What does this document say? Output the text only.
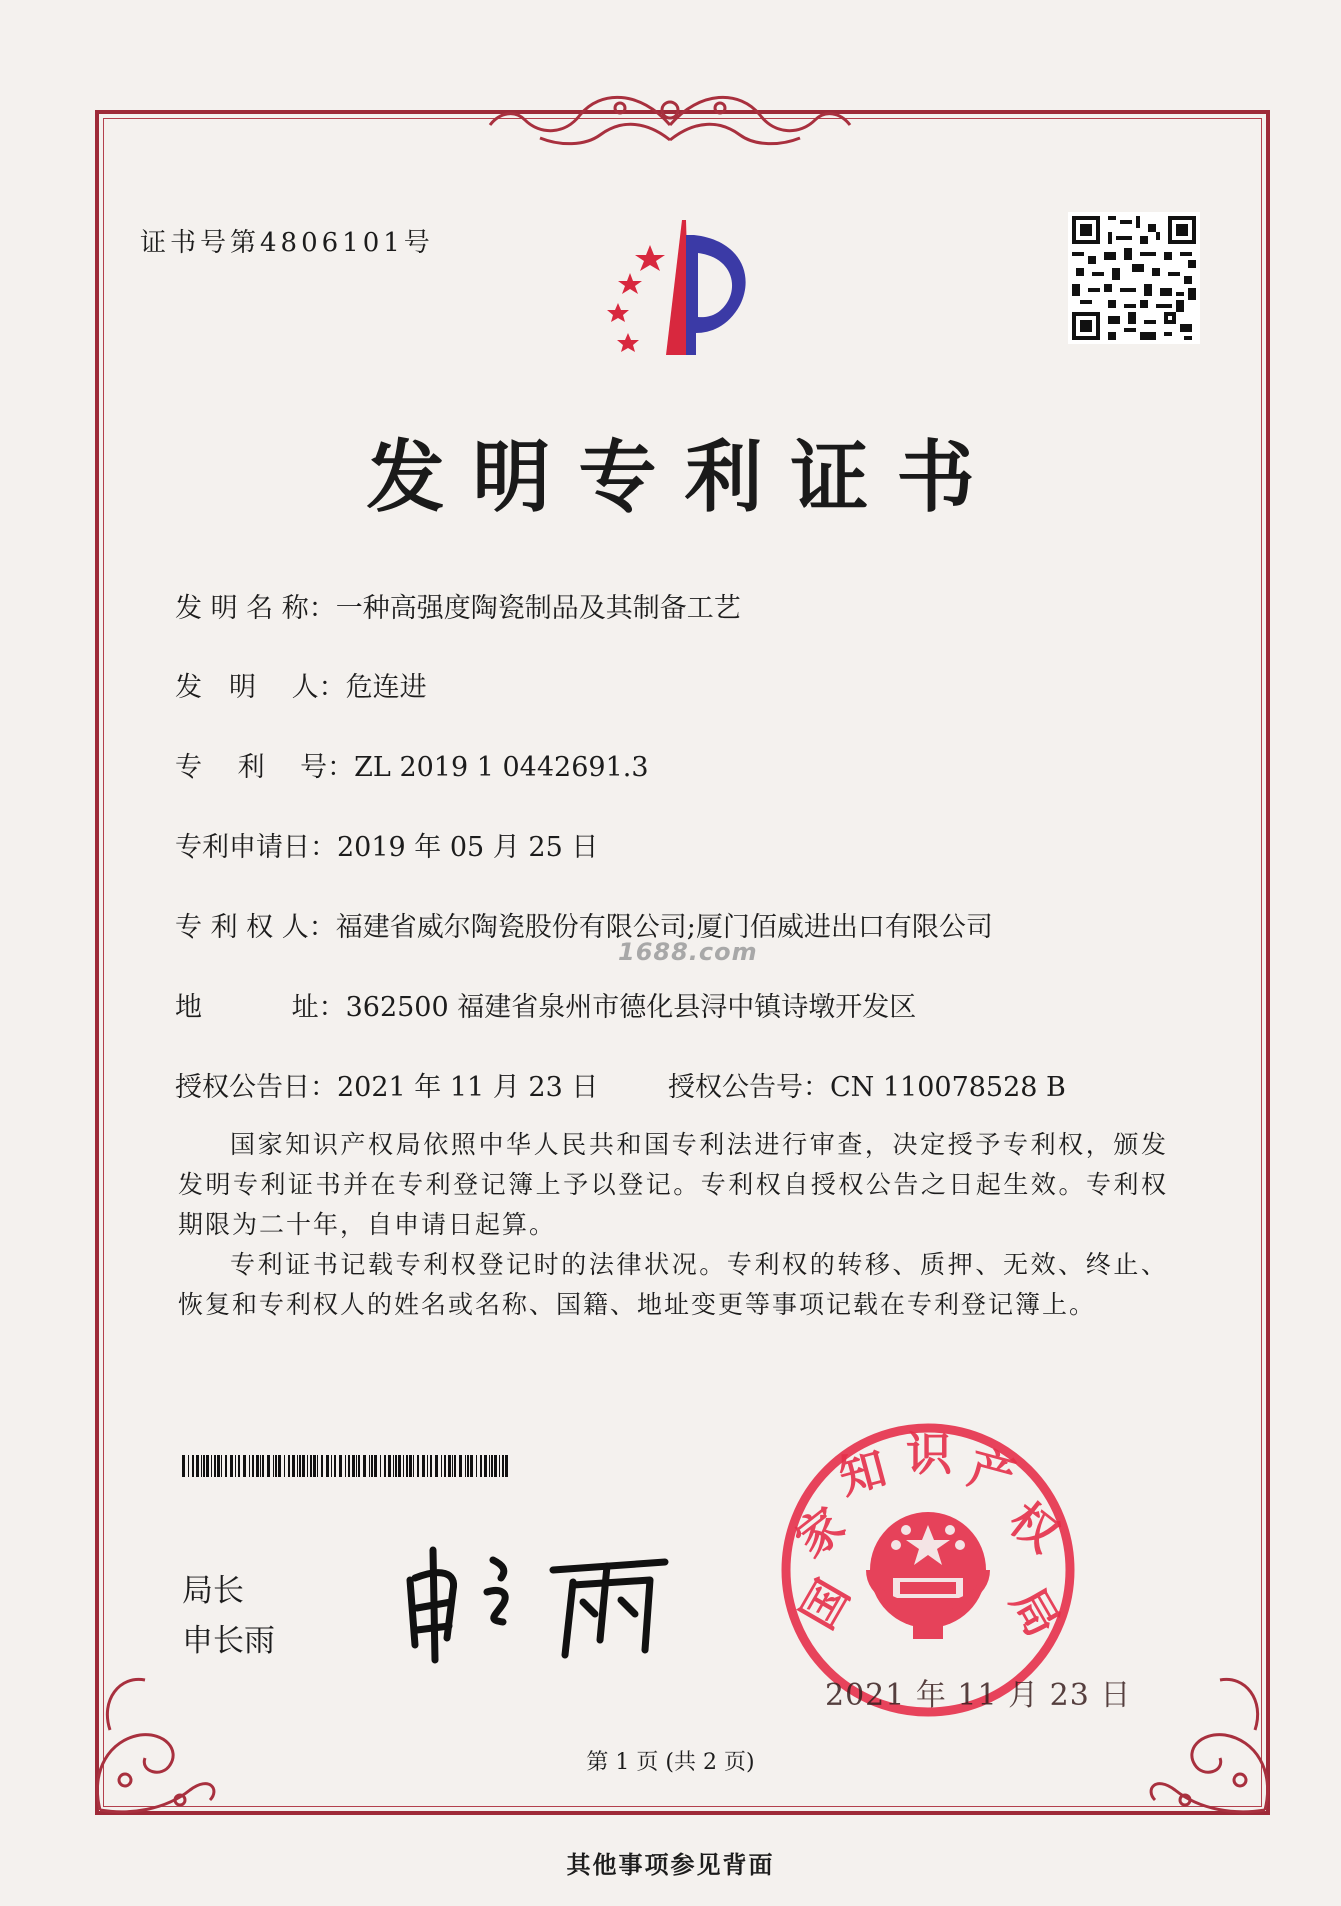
证书号第4806101号
发明专利证书
发 明 名 称：一种高强度陶瓷制品及其制备工艺
发　明　 人：危连进
专　 利　 号：ZL 2019 1 0442691.3
专利申请日：2019 年 05 月 25 日
专 利 权 人：福建省威尔陶瓷股份有限公司;厦门佰威进出口有限公司
1688.com
地　　　 址：362500 福建省泉州市德化县浔中镇诗墩开发区
授权公告日：2021 年 11 月 23 日	授权公告号：CN 110078528 B
国家知识产权局依照中华人民共和国专利法进行审查，决定授予专利权，颁发发明专利证书并在专利登记簿上予以登记。专利权自授权公告之日起生效。专利权期限为二十年，自申请日起算。
专利证书记载专利权登记时的法律状况。专利权的转移、质押、无效、终止、恢复和专利权人的姓名或名称、国籍、地址变更等事项记载在专利登记簿上。
局长
申长雨
国
家
知 识 产
权
局
2021 年 11 月 23 日
第 1 页 (共 2 页)
其他事项参见背面
